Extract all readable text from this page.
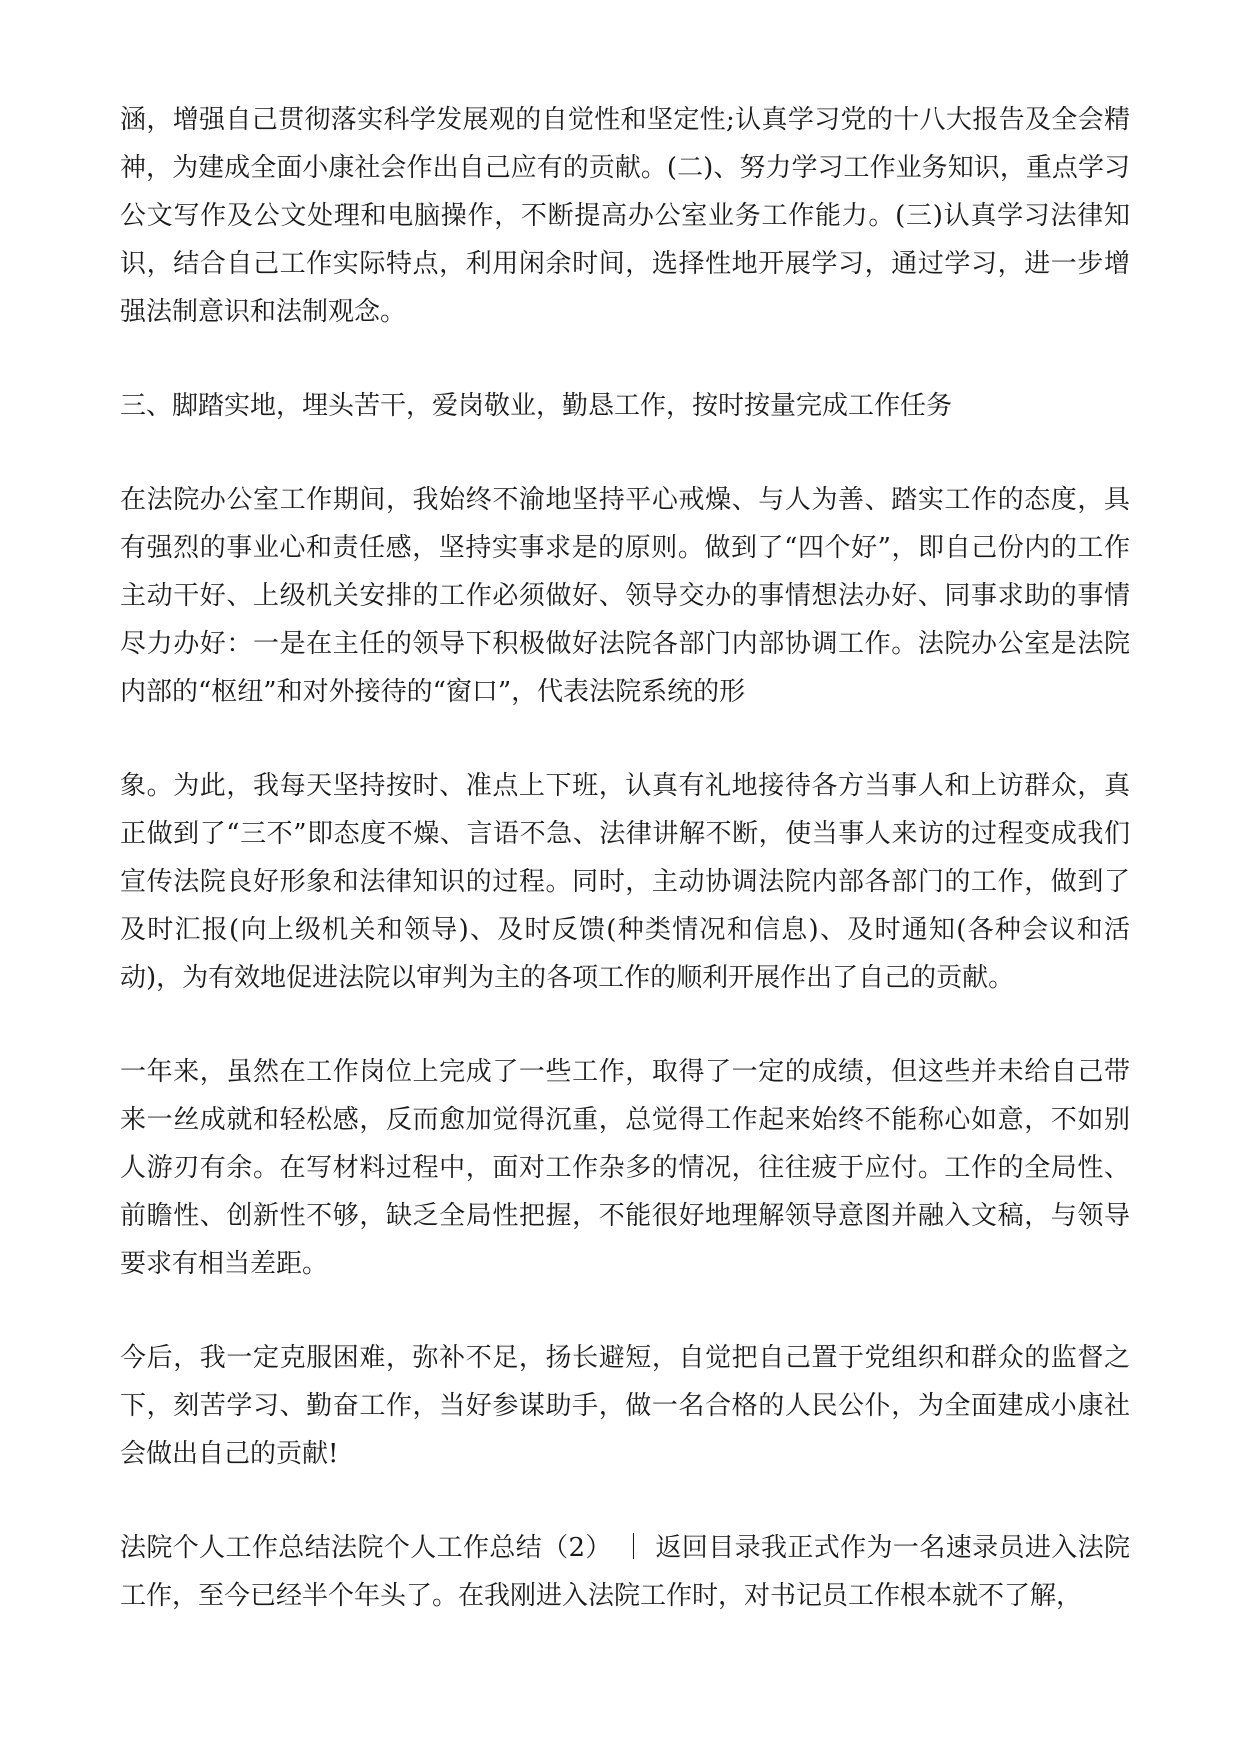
涵，增强自己贯彻落实科学发展观的自觉性和坚定性;认真学习党的十八大报告及全会精神，为建成全面小康社会作出自己应有的贡献。(二)、努力学习工作业务知识，重点学习公文写作及公文处理和电脑操作，不断提高办公室业务工作能力。(三)认真学习法律知识，结合自己工作实际特点，利用闲余时间，选择性地开展学习，通过学习，进一步增强法制意识和法制观念。

三、脚踏实地，埋头苦干，爱岗敬业，勤恳工作，按时按量完成工作任务

在法院办公室工作期间，我始终不渝地坚持平心戒燥、与人为善、踏实工作的态度，具有强烈的事业心和责任感，坚持实事求是的原则。做到了“四个好”，即自己份内的工作主动干好、上级机关安排的工作必须做好、领导交办的事情想法办好、同事求助的事情尽力办好：一是在主任的领导下积极做好法院各部门内部协调工作。法院办公室是法院内部的“枢纽”和对外接待的“窗口”，代表法院系统的形

象。为此，我每天坚持按时、准点上下班，认真有礼地接待各方当事人和上访群众，真正做到了“三不”即态度不燥、言语不急、法律讲解不断，使当事人来访的过程变成我们宣传法院良好形象和法律知识的过程。同时，主动协调法院内部各部门的工作，做到了及时汇报(向上级机关和领导)、及时反馈(种类情况和信息)、及时通知(各种会议和活动)，为有效地促进法院以审判为主的各项工作的顺利开展作出了自己的贡献。

一年来，虽然在工作岗位上完成了一些工作，取得了一定的成绩，但这些并未给自己带来一丝成就和轻松感，反而愈加觉得沉重，总觉得工作起来始终不能称心如意，不如别人游刃有余。在写材料过程中，面对工作杂多的情况，往往疲于应付。工作的全局性、前瞻性、创新性不够，缺乏全局性把握，不能很好地理解领导意图并融入文稿，与领导要求有相当差距。

今后，我一定克服困难，弥补不足，扬长避短，自觉把自己置于党组织和群众的监督之下，刻苦学习、勤奋工作，当好参谋助手，做一名合格的人民公仆，为全面建成小康社会做出自己的贡献!

法院个人工作总结法院个人工作总结（2） ｜ 返回目录我正式作为一名速录员进入法院工作，至今已经半个年头了。在我刚进入法院工作时，对书记员工作根本就不了解，
